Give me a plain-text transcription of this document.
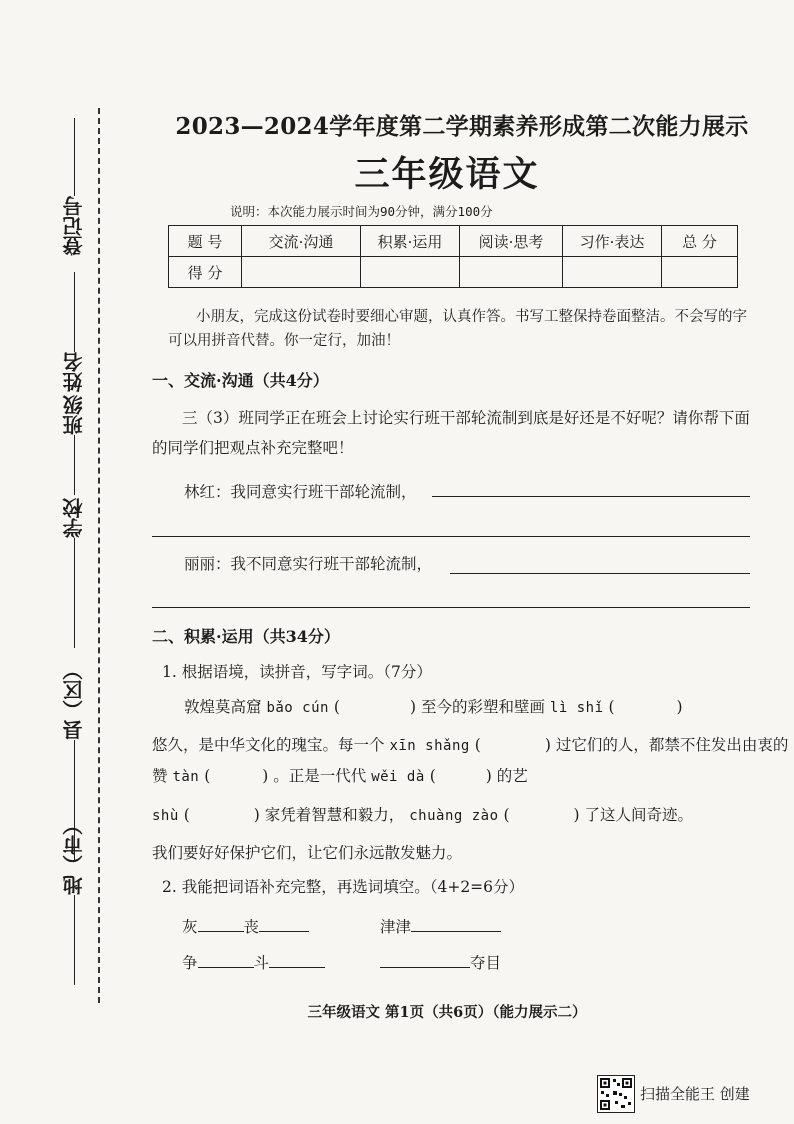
登记号
姓名
班级
学校
县（区）
地（市）
2023—2024学年度第二学期素养形成第二次能力展示
三年级语文
说明：本次能力展示时间为90分钟，满分100分
题 号	交流·沟通	积累·运用	阅读·思考	习作·表达	总 分
得 分					
小朋友，完成这份试卷时要细心审题，认真作答。书写工整保持卷面整洁。不会写的字可以用拼音代替。你一定行，加油！
一、交流·沟通（共4分）
三（3）班同学正在班会上讨论实行班干部轮流制到底是好还是不好呢？请你帮下面的同学们把观点补充完整吧！
林红：我同意实行班干部轮流制，
丽丽：我不同意实行班干部轮流制，
二、积累·运用（共34分）
1. 根据语境，读拼音，写字词。（7分）
敦煌莫高窟 bǎo cún (	) 至今的彩塑和壁画 lì shǐ (	)
悠久，是中华文化的瑰宝。每一个 xīn shǎng (	) 过它们的人，都禁不住发出由衷的赞 tàn (	) 。正是一代代 wěi dà (	) 的艺
shù (	) 家凭着智慧和毅力， chuàng zào (	) 了这人间奇迹。
我们要好好保护它们，让它们永远散发魅力。
2. 我能把词语补充完整，再选词填空。（4+2=6分）
灰	丧	津津
争	斗	夺目
三年级语文 第1页（共6页）（能力展示二）
扫描全能王 创建
